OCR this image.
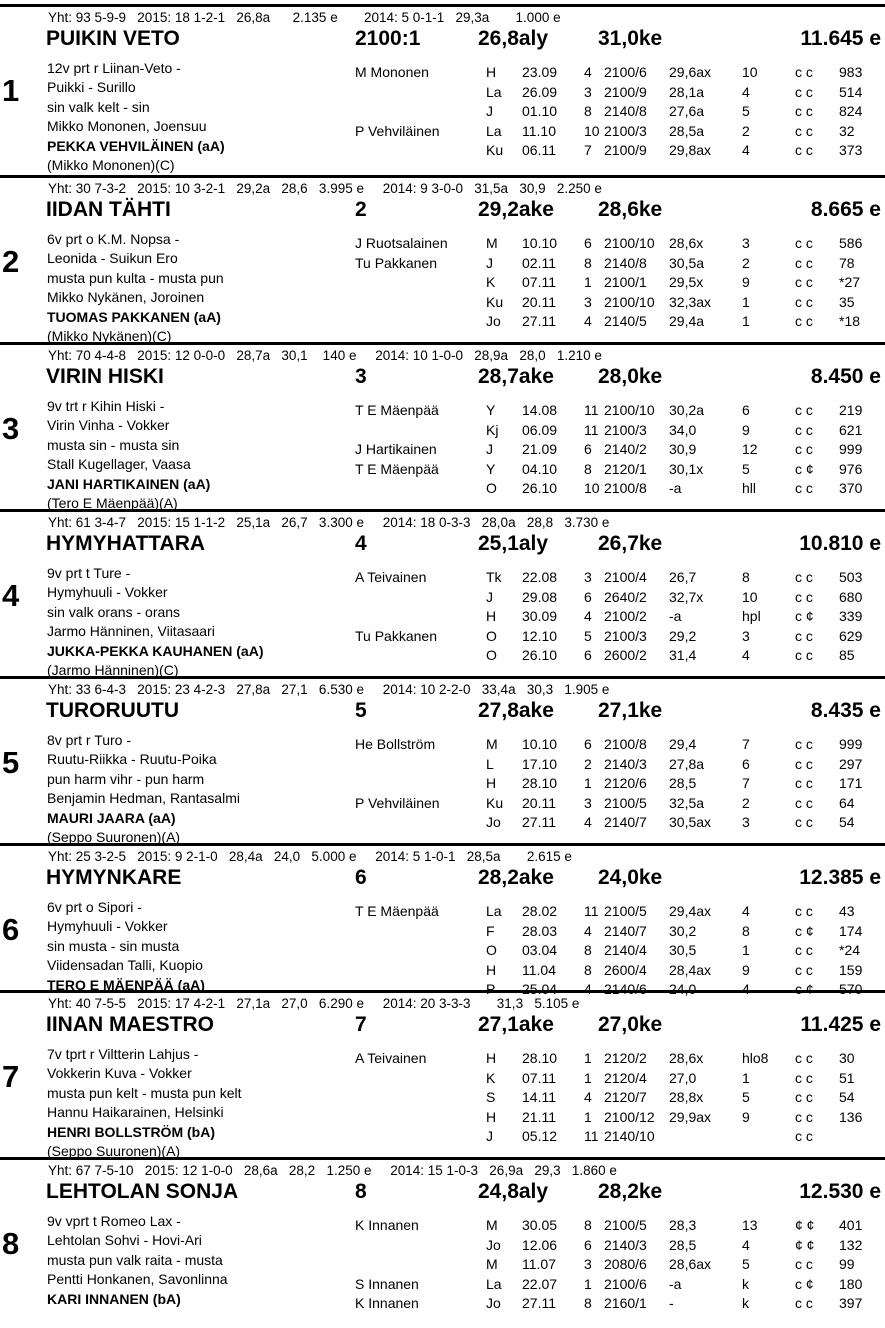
Yht: 93 5-9-9   2015: 18 1-2-1   26,8a      2.135 e       2014: 5 0-1-1   29,3a       1.000 e
1
PUIKIN VETO	2100:1	26,8aly 31,0ke	11.645 e
12v prt r Liinan-Veto -
Puikki - Surillo
sin valk kelt - sin
Mikko Mononen, Joensuu
PEKKA VEHVILÄINEN (aA)
(Mikko Mononen)(C)
M Mononen	H 23.09 4 2100/6 29,6ax 10	c c 983
La 26.09 3 2100/9 28,1a	4	c c 514
J 01.10 8 2140/8 27,6a	5	c c 824
P Vehviläinen	La 11.10 10 2100/3 28,5a	2	c c 32
Ku 06.11 7 2100/9 29,8ax 4	c c 373
Yht: 30 7-3-2   2015: 10 3-2-1   29,2a   28,6   3.995 e     2014: 9 3-0-0   31,5a   30,9   2.250 e
2
IIDAN TÄHTI	2	29,2ake 28,6ke	8.665 e
6v prt o K.M. Nopsa -
Leonida - Suikun Ero
musta pun kulta - musta pun
Mikko Nykänen, Joroinen
TUOMAS PAKKANEN (aA)
(Mikko Nykänen)(C)
J Ruotsalainen	M 10.10 6 2100/10 28,6x	3	c c 586
Tu Pakkanen	J 02.11 8 2140/8 30,5a	2	c c 78
K 07.11 1 2100/1 29,5x	9	c c *27
Ku 20.11 3 2100/10 32,3ax 1	c c 35
Jo 27.11 4 2140/5 29,4a	1	c c *18
Yht: 70 4-4-8   2015: 12 0-0-0   28,7a   30,1    140 e     2014: 10 1-0-0   28,9a   28,0   1.210 e
3
VIRIN HISKI	3	28,7ake 28,0ke	8.450 e
9v trt r Kihin Hiski -
Virin Vinha - Vokker
musta sin - musta sin
Stall Kugellager, Vaasa
JANI HARTIKAINEN (aA)
(Tero E Mäenpää)(A)
T E Mäenpää	Y 14.08 11 2100/10 30,2a	6	c c 219
Kj 06.09 11 2100/3 34,0	9	c c 621
J Hartikainen	J 21.09 6 2140/2 30,9	12	c c 999
T E Mäenpää	Y 04.10 8 2120/1 30,1x	5	c ¢ 976
O 26.10 10 2100/8 -a	hll	c c 370
Yht: 61 3-4-7   2015: 15 1-1-2   25,1a   26,7   3.300 e     2014: 18 0-3-3   28,0a   28,8   3.730 e
4
HYMYHATTARA	4	25,1aly 26,7ke	10.810 e
9v prt t Ture -
Hymyhuuli - Vokker
sin valk orans - orans
Jarmo Hänninen, Viitasaari
JUKKA-PEKKA KAUHANEN (aA)
(Jarmo Hänninen)(C)
A Teivainen	Tk 22.08 3 2100/4 26,7	8	c c 503
J 29.08 6 2640/2 32,7x	10	c c 680
H 30.09 4 2100/2 -a	hpl c ¢ 339
Tu Pakkanen	O 12.10 5 2100/3 29,2	3	c c 629
O 26.10 6 2600/2 31,4	4	c c 85
Yht: 33 6-4-3   2015: 23 4-2-3   27,8a   27,1   6.530 e     2014: 10 2-2-0   33,4a   30,3   1.905 e
5
TURORUUTU	5	27,8ake 27,1ke	8.435 e
8v prt r Turo -
Ruutu-Riikka - Ruutu-Poika
pun harm vihr - pun harm
Benjamin Hedman, Rantasalmi
MAURI JAARA (aA)
(Seppo Suuronen)(A)
He Bollström	M 10.10 6 2100/8 29,4	7	c c 999
L 17.10 2 2140/3 27,8a	6	c c 297
H 28.10 1 2120/6 28,5	7	c c 171
P Vehviläinen	Ku 20.11 3 2100/5 32,5a	2	c c 64
Jo 27.11 4 2140/7 30,5ax 3	c c 54
Yht: 25 3-2-5   2015: 9 2-1-0   28,4a   24,0   5.000 e     2014: 5 1-0-1   28,5a       2.615 e
6
HYMYNKARE	6	28,2ake 24,0ke	12.385 e
6v prt o Sipori -
Hymyhuuli - Vokker
sin musta - sin musta
Viidensadan Talli, Kuopio
TERO E MÄENPÄÄ (aA)
T E Mäenpää	La 28.02 11 2100/5 29,4ax 4	c c 43
F 28.03 4 2140/7 30,2	8	c ¢ 174
O 03.04 8 2140/4 30,5	1	c c *24
H 11.04 8 2600/4 28,4ax 9	c c 159
P 25.04 4 2140/6 24,0	4	c ¢ 570
Yht: 40 7-5-5   2015: 17 4-2-1   27,1a   27,0   6.290 e     2014: 20 3-3-3       31,3   5.105 e
7
IINAN MAESTRO	7	27,1ake 27,0ke	11.425 e
7v tprt r Viltterin Lahjus -
Vokkerin Kuva - Vokker
musta pun kelt - musta pun kelt
Hannu Haikarainen, Helsinki
HENRI BOLLSTRÖM (bA)
(Seppo Suuronen)(A)
A Teivainen	H 28.10 1 2120/2 28,6x	hlo8 c c 30
K 07.11 1 2120/4 27,0	1	c c 51
S 14.11 4 2120/7 28,8x	5	c c 54
H 21.11 1 2100/12 29,9ax 9	c c 136
J 05.12 11 2140/10	c c
Yht: 67 7-5-10   2015: 12 1-0-0   28,6a   28,2   1.250 e     2014: 15 1-0-3   26,9a   29,3   1.860 e
8
LEHTOLAN SONJA	8	24,8aly 28,2ke	12.530 e
9v vprt t Romeo Lax -
Lehtolan Sohvi - Hovi-Ari
musta pun valk raita - musta
Pentti Honkanen, Savonlinna
KARI INNANEN (bA)
K Innanen	M 30.05 8 2100/5 28,3	13	¢ ¢ 401
Jo 12.06 6 2140/3 28,5	4	¢ ¢ 132
M 11.07 3 2080/6 28,6ax 5	c c 99
S Innanen	La 22.07 1 2100/6 -a	k	c ¢ 180
K Innanen	Jo 27.11 8 2160/1 -	k	c c 397
